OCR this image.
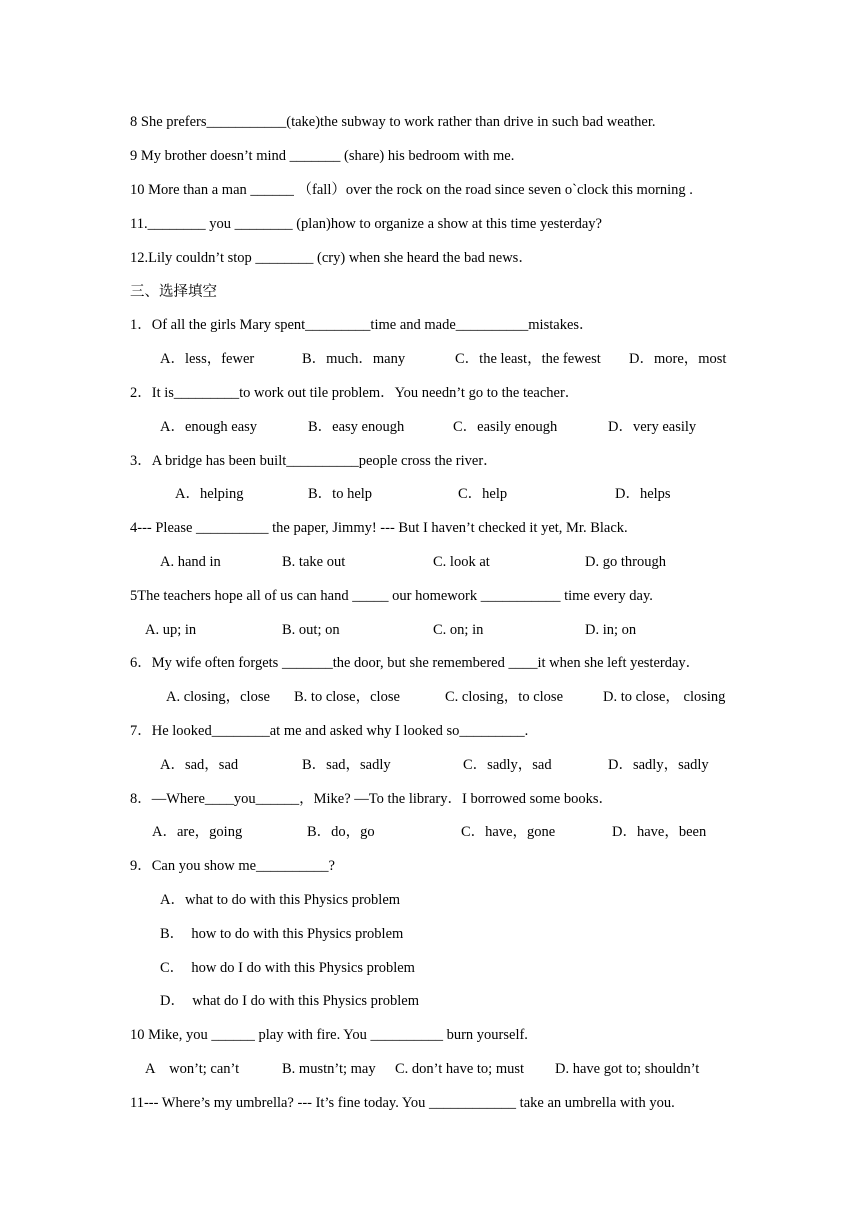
8 She prefers___________(take)the subway to work rather than drive in such bad weather.
9 My brother doesn’t mind _______ (share) his bedroom with me.
10 More than a man ______ （fall）over the rock on the road since seven o`clock this morning .
11.________ you ________ (plan)how to organize a show at this time yesterday?
12.Lily couldn’t stop ________ (cry) when she heard the bad news．
三、选择填空
1．Of all the girls Mary spent_________time and made__________mistakes．
A．less，fewer	B．much．many	C．the least，the fewest D．more，most
2．It is_________to work out tile problem．You needn’t go to the teacher．
A．enough easy	B．easy enough	C．easily enough	D．very easily
3．A bridge has been built__________people cross the river．
A．helping	B．to help	C．help	D．helps
4--- Please __________ the paper, Jimmy! --- But I haven’t checked it yet, Mr. Black.
A. hand in	B. take out	C. look at	D. go through
5The teachers hope all of us can hand _____ our homework ___________ time every day.
A. up; in	B. out; on	C. on; in	D. in; on
6．My wife often forgets _______the door, but she remembered ____it when she left yesterday．
A. closing，close B. to close，close	C. closing，to close	D. to close， closing
7．He looked________at me and asked why I looked so_________.
A．sad，sad	B．sad，sadly	C．sadly，sad	D．sadly，sadly
8．—Where____you______，Mike? —To the library．I borrowed some books．
A．are，going	B．do，go	C．have，gone	D．have，been
9．Can you show me__________?
A．what to do with this Physics problem
B．  how to do with this Physics problem
C．  how do I do with this Physics problem
D．  what do I do with this Physics problem
10 Mike, you ______ play with fire. You __________ burn yourself.
A    won’t; can’t	B. mustn’t; may C. don’t have to; must D. have got to; shouldn’t
11--- Where’s my umbrella? --- It’s fine today. You ____________ take an umbrella with you.
